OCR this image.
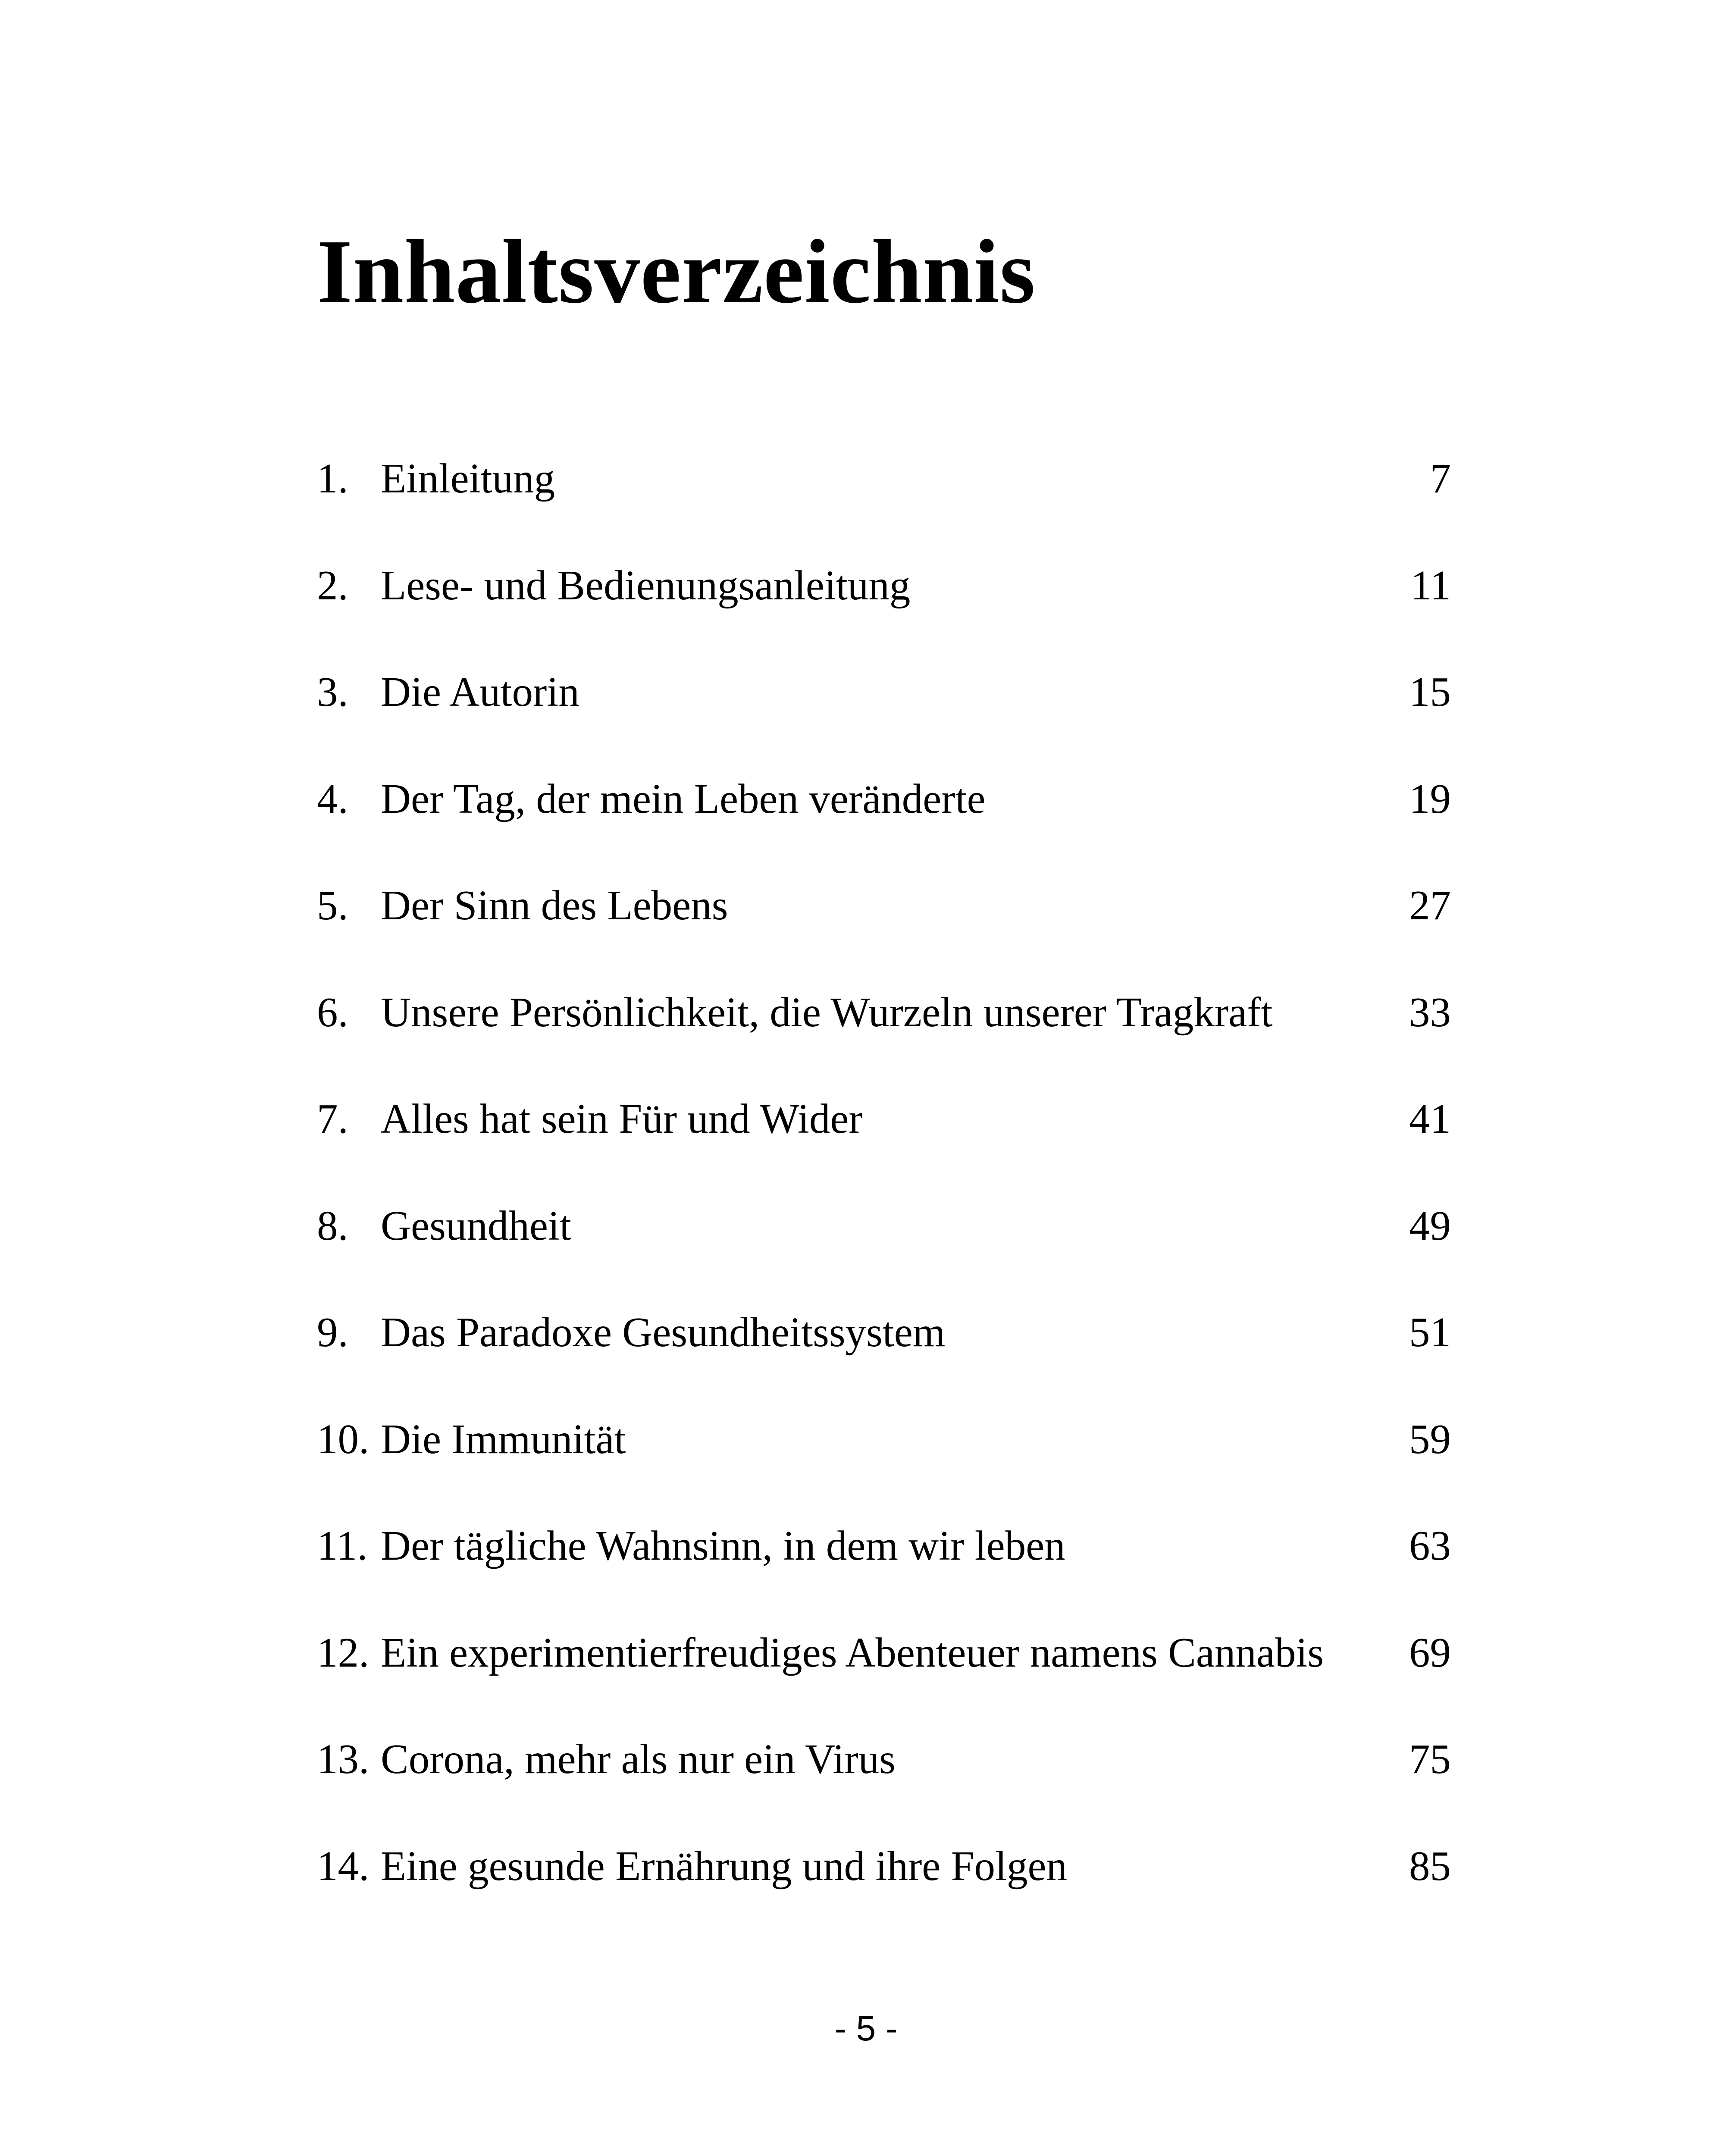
Inhaltsverzeichnis
1. Einleitung	7
2. Lese- und Bedienungsanleitung	11
3. Die Autorin	15
4. Der Tag, der mein Leben veränderte	19
5. Der Sinn des Lebens	27
6. Unsere Persönlichkeit, die Wurzeln unserer Tragkraft	33
7. Alles hat sein Für und Wider	41
8. Gesundheit	49
9. Das Paradoxe Gesundheitssystem	51
10. Die Immunität	59
11. Der tägliche Wahnsinn, in dem wir leben	63
12. Ein experimentierfreudiges Abenteuer namens Cannabis 69
13. Corona, mehr als nur ein Virus	75
14. Eine gesunde Ernährung und ihre Folgen	85
- 5 -
